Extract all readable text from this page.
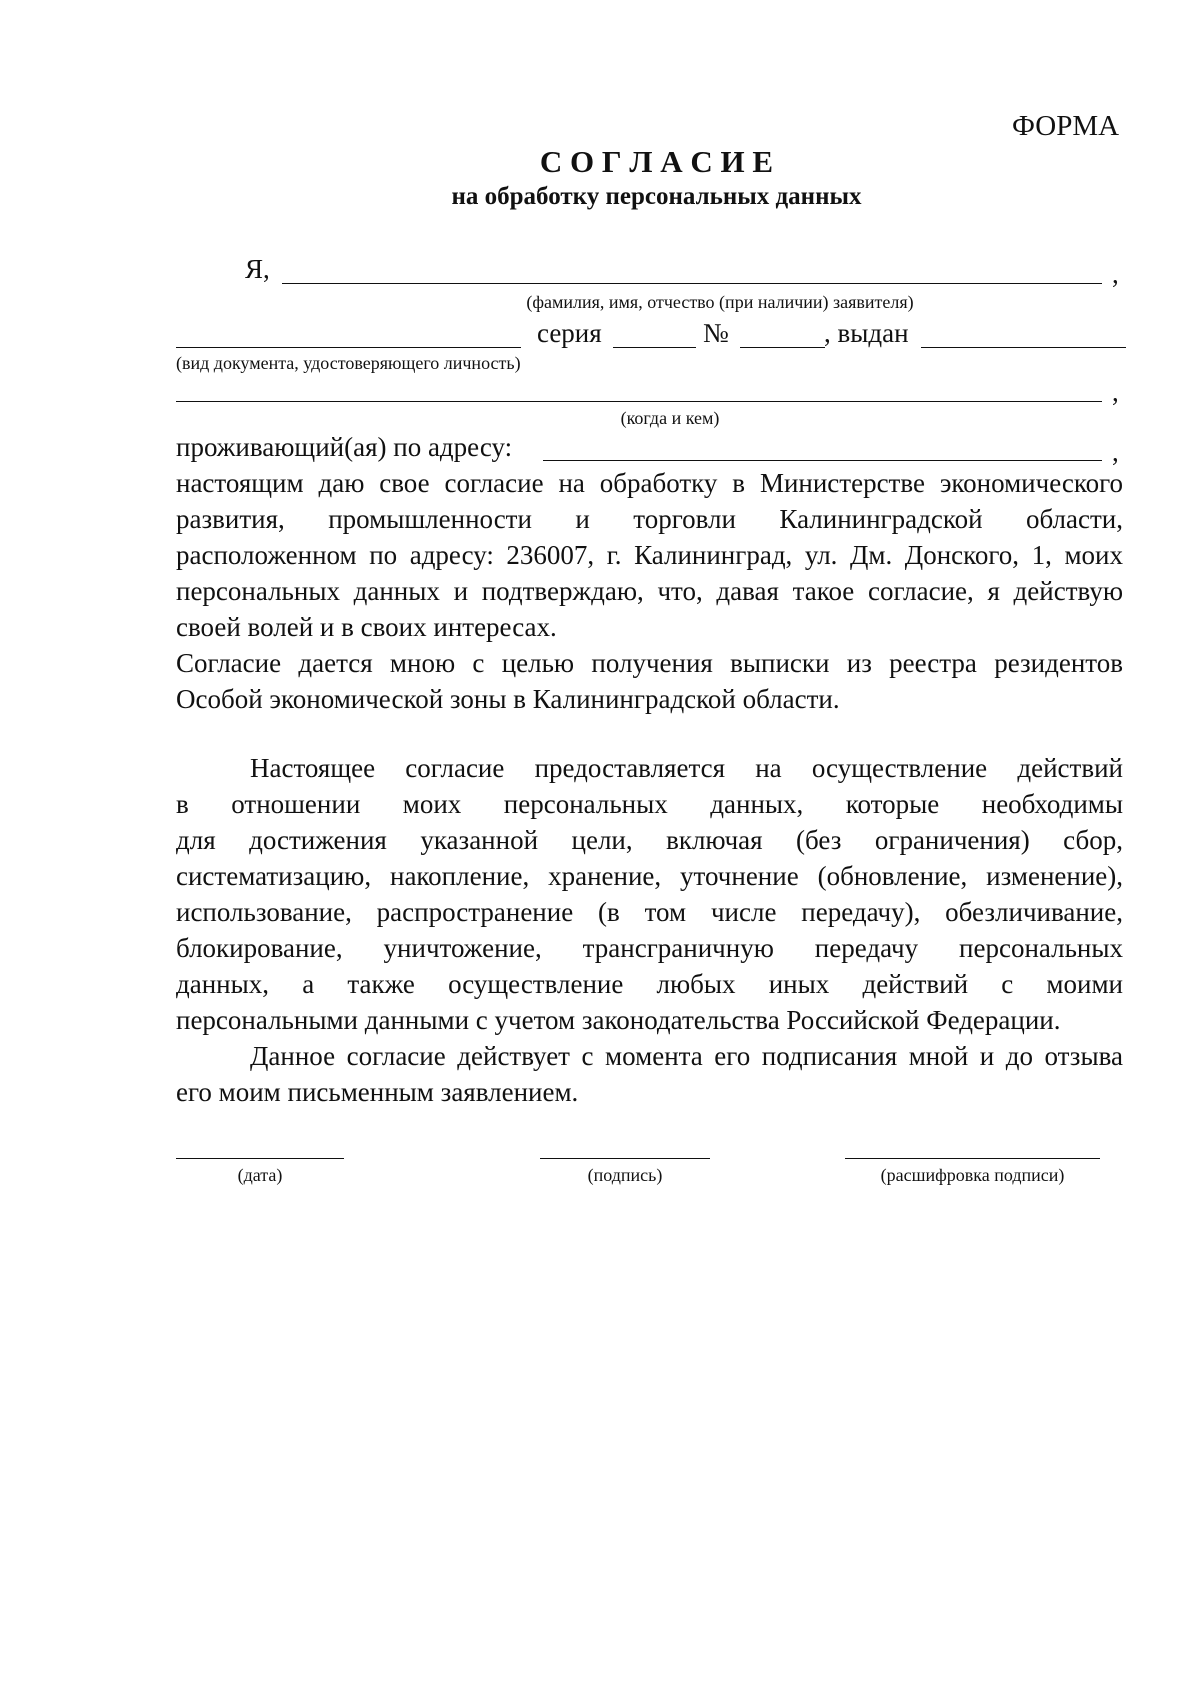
ФОРМА
С О Г Л А С И Е
на обработку персональных данных
Я,	,
(фамилия, имя, отчество (при наличии) заявителя)
серия	№	, выдан
(вид документа, удостоверяющего личность)
,
(когда и кем)
проживающий(ая) по адресу:	,
настоящим даю свое согласие на обработку в Министерстве экономического
развития, промышленности и торговли Калининградской области,
расположенном по адресу: 236007, г. Калининград, ул. Дм. Донского, 1, моих
персональных данных и подтверждаю, что, давая такое согласие, я действую
своей волей и в своих интересах.
Согласие дается мною с целью получения выписки из реестра резидентов
Особой экономической зоны в Калининградской области.
Настоящее согласие предоставляется на осуществление действий
в отношении моих персональных данных, которые необходимы
для достижения указанной цели, включая (без ограничения) сбор,
систематизацию, накопление, хранение, уточнение (обновление, изменение),
использование, распространение (в том числе передачу), обезличивание,
блокирование, уничтожение, трансграничную передачу персональных
данных, а также осуществление любых иных действий с моими
персональными данными с учетом законодательства Российской Федерации.
Данное согласие действует с момента его подписания мной и до отзыва
его моим письменным заявлением.
(дата)	(подпись)	(расшифровка подписи)
